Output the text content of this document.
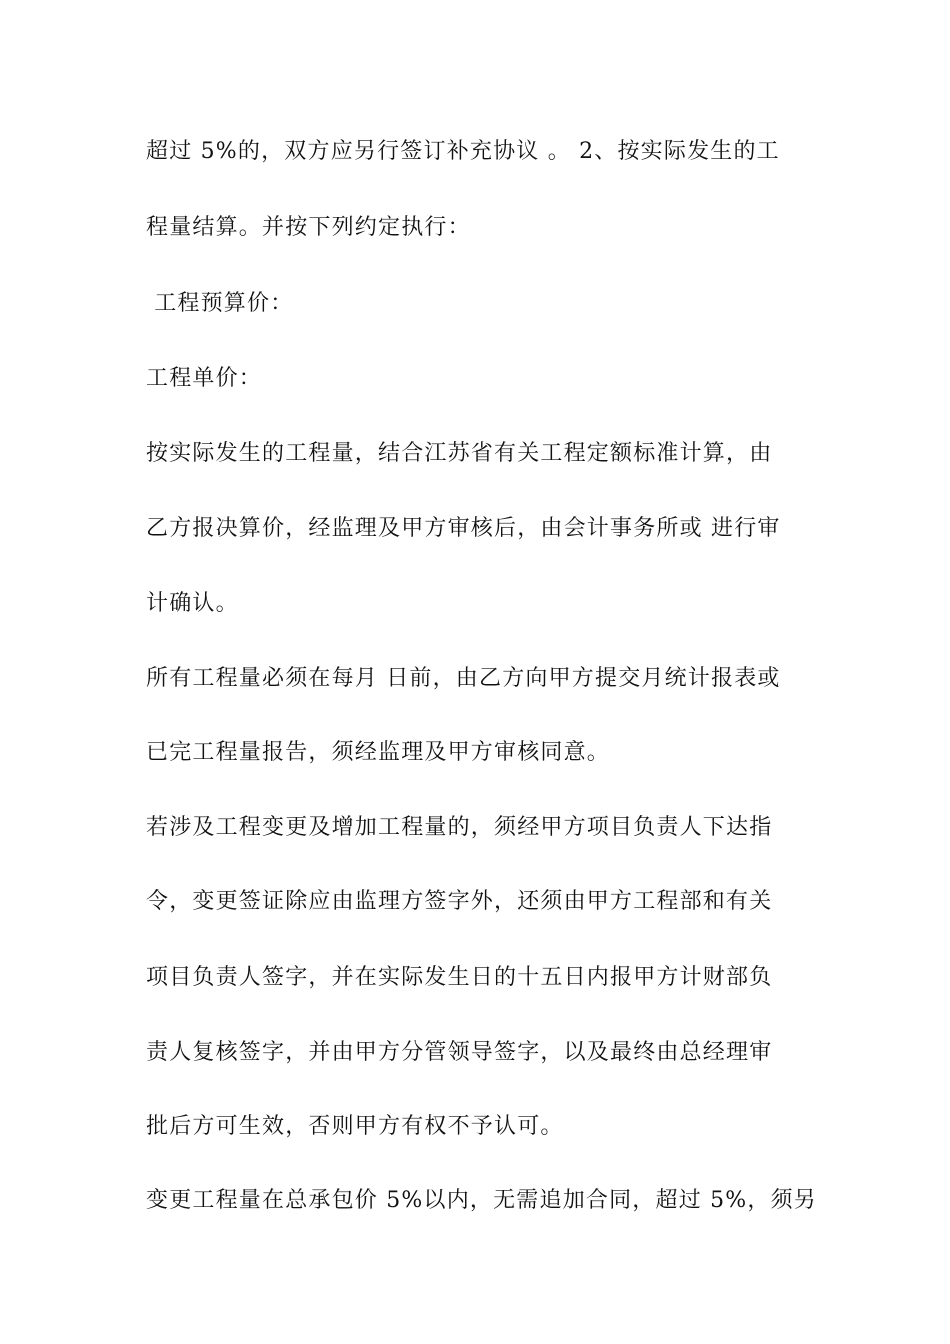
超过 5%的，双方应另行签订补充协议 。 2、按实际发生的工
程量结算。并按下列约定执行：
工程预算价：
工程单价：
按实际发生的工程量，结合江苏省有关工程定额标准计算，由
乙方报决算价，经监理及甲方审核后，由会计事务所或 进行审
计确认。
所有工程量必须在每月 日前，由乙方向甲方提交月统计报表或
已完工程量报告，须经监理及甲方审核同意。
若涉及工程变更及增加工程量的，须经甲方项目负责人下达指
令，变更签证除应由监理方签字外，还须由甲方工程部和有关
项目负责人签字，并在实际发生日的十五日内报甲方计财部负
责人复核签字，并由甲方分管领导签字，以及最终由总经理审
批后方可生效，否则甲方有权不予认可。
变更工程量在总承包价 5%以内，无需追加合同，超过 5%，须另
